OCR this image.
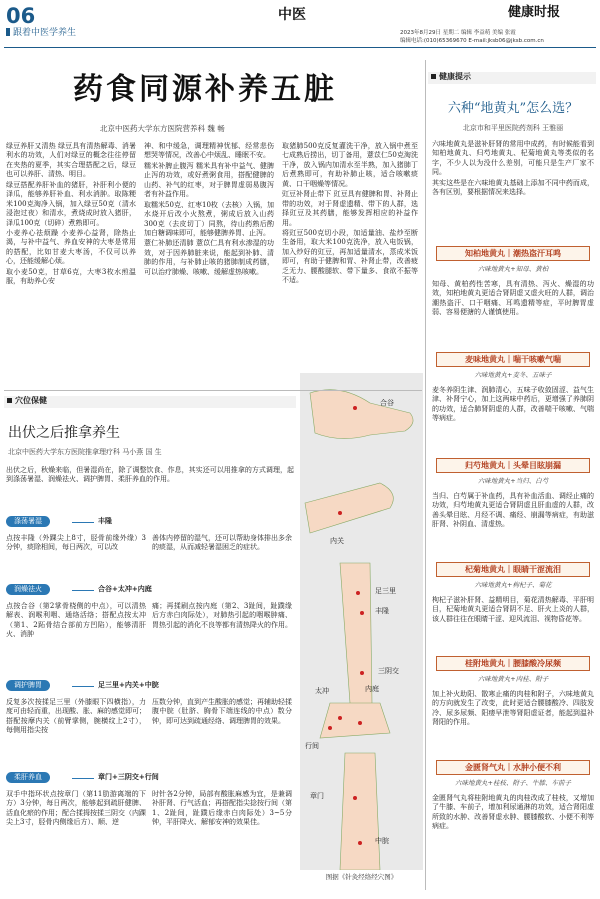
06	中医	健康时报
跟着中医学养生	2023年8月29日 星期二 编辑 李益萌 美编 张霞
编辑电话:(010)65369670 E-mail:jksb06@jksb.com.cn
药食同源补养五脏
北京中医药大学东方医院营养科 魏 畅

绿豆养肝又清热 绿豆具有清热解毒、消暑利水的功效，人们对绿豆的概念往往停留在夹热的夏季，其实合理搭配之后，绿豆也可以养肝、清热、明目。

绿豆搭配养肝补血的猪肝，补肝利小便的泽瓜，能够养肝补血、利水消肿。取陈粳米100克淘净入锅，加入绿豆50克（清水浸泡过夜）和清水，煮烧成时放入猪肝，泽瓜100克（切碎）煮熟即可。

小麦养心祛烦躁 小麦养心益肾，除热止渴，与补中益气、养血安神的大枣是常用的搭配，比如甘麦大枣汤，不仅可以养心，还能缓解心烦。

取小麦50克，甘草6克，大枣3枚水煎温服，有助养心安

神、和中缓急，调理精神忧郁、经常悲伤想哭等情况，改善心中烦乱、睡眠不安。

糯米补脾止腹泻 糯米具有补中益气、健脾止泻的功效，或好煮粥食用，搭配健脾的山药、补气的红枣，对于脾胃虚弱易腹泻者有补益作用。

取糯米50克、红枣10枚（去核）入锅，加水烧开后改小火熬煮，粥成后放入山药300克（去皮切丁）同熬，待山药熟后酌加白糖调味即可，能够健脾养胃、止泻。

薏仁补肺还清肺 薏苡仁具有利水渗湿的功效，对于因养肺脏来说，能起到补肺、清肺的作用，与补肺止咳的猪肺制成药膳，可以治疗肺燥、咳嗽、缓解虚热咳嗽。

取猪肺500克反复灌洗干净，放入锅中煮至七成熟后捞出，切丁备用，薏苡仁50克淘洗干净，放入锅内加清水至半熟，加入猪肺丁后煮熟即可，有助补肺止咳，适合咳嗽痰黄、口干咽燥等情况。

豇豆补肾止带下 豇豆具有健脾和胃、补肾止带的功效，对于肾虚遗精、带下的人群，选择豇豆及其药膳，能够发挥相应的补益作用。

将豇豆500克切小段，加适量油、盐炒至断生备用，取大米100克洗净，放入电饭锅，加入炒好的豇豆，再加适量清水，蒸成米饭即可，有助于健脾和胃、补肾止带，改善疲乏无力、腰酸腿软、带下量多、食欲不振等不适。

穴位保健
出伏之后推拿养生
北京中医药大学东方医院推拿理疗科 马小燕 国 生
出伏之后，秋燥来临，但暑湿尚在，除了调整饮食、作息，其实还可以用推拿的方式调理，起到涤荡暑湿、润燥祛火、调护脾胃、柔肝养血的作用。
涤荡暑湿	丰隆
点按丰隆（外踝尖上8寸，胫骨前缘外缘）3分钟，痰除相间，每日两次，可以改
善体内停留的湿气，还可以帮助身体排出多余的痰湿，从而减轻暑湿困乏的症状。
润燥祛火	合谷+太冲+内庭
点按合谷（第2掌骨桡侧的中点），可以清热解表、润喉利咽、通络活络；搭配点按太冲（第1、2跖骨结合部前方凹陷），能够清肝火、消肿
痛；再揉刷点按内庭（第2、3趾间，趾蹼缘后方赤白肉际处），对肺热引起的咽喉肿痛、胃热引起的消化不良等都有清热降火的作用。
调护脾胃	足三里+内关+中脘
反复多次按揉足三里（外膝眼下四横指），力度可由轻而重，出现酸、胀、麻的感觉即可；搭配按摩内关（前臂掌侧，腕横纹上2寸），每侧用指尖按
压数分钟，直到产生酸胀的感觉；再辅助轻揉腹中脘（肚脐、胸骨下端连线的中点）数分钟，即可达到疏通经络、调理脾胃的效果。
柔肝养血	章门+三阴交+行间
双手中指环状点按章门（第11肋游离端的下方）3分钟，每日两次，能够起到疏肝健脾、活血化瘀的作用；配合揉拇按揉三阴交（内踝尖上3寸，胫骨内侧缘后方）、顺、逆
时针各2分钟，局部有酸胀麻感为宜，是兼调补肝肾、行气活血；再搭配指尖捻按行间（第1、2趾间，趾蹼后缘赤白肉际处）3~5分钟，平肝降火、解郁安神的效果佳。
合谷
内关
足三里
丰隆
太冲	内庭
行间
三阴交
章门
中脘
图据《针灸经络经穴图》
健康提示
六种“地黄丸”怎么选？
北京市和平里医院药剂科 王雅丽

六味地黄丸是滋补肝肾的常用中成药，有时候能看到知柏地黄丸、归芍地黄丸、杞菊地黄丸等类似的名字，不少人以为没什么差别，可能只是生产厂家不同。

其实这些是在六味地黄丸基础上添加不同中药而成，各有区别，要根据情况来选择。

知柏地黄丸｜潮热盗汗耳鸣
六味地黄丸+知母、黄柏
知母、黄柏药性苦寒，具有清热、泻火、燥湿的功效，知柏地黄丸更适合肾阴虚又虚火旺的人群，调治潮热盗汗、口干咽痛、耳鸣遗精等症，平时脾胃虚弱、容易便溏的人谨慎使用。
麦味地黄丸｜喘干咳嗽气喘
六味地黄丸+麦冬、五味子
麦冬养阴生津、润肺清心，五味子收敛固涩、益气生津、补肾宁心，加上这两味中药后，更增强了养肺阴的功效，适合肺肾阴虚的人群，改善喘干咳嗽、气喘等病症。
归芍地黄丸｜头晕目眩崩漏
六味地黄丸+当归、白芍
当归、白芍属于补血药，具有补血活血、调经止痛的功效，归芍地黄丸更适合肾阴虚且肝血虚的人群，改善头晕目眩、月经不调、痛经、崩漏等病症，有助滋肝肾、补阴血、清虚热。
杞菊地黄丸｜眼睛干涩流泪
六味地黄丸+枸杞子、菊花
枸杞子滋补肝肾、益精明目，菊花清热解毒、平肝明目，杞菊地黄丸更适合肾阴不足、肝火上炎的人群，该人群往往在眼睛干涩、迎风流泪、视物昏花等。
桂附地黄丸｜腰膝酸冷尿频
六味地黄丸+肉桂、附子
加上补火助阳、散寒止痛的肉桂和附子，六味地黄丸的方向就发生了改变，此时更适合腰膝酸冷、四肢发冷、尿多尿频、阳痿早泄等肾阳虚证者，能起到温补肾阳的作用。
金匮肾气丸｜水肿小便不利
六味地黄丸+桂枝、附子、牛膝、车前子
金匮肾气丸将桂附地黄丸的肉桂改成了桂枝，又增加了牛膝、车前子，增加利尿通淋的功效，适合肾阳虚所致的水肿、改善肾虚水肿、腰膝酸软、小便不利等病症。
